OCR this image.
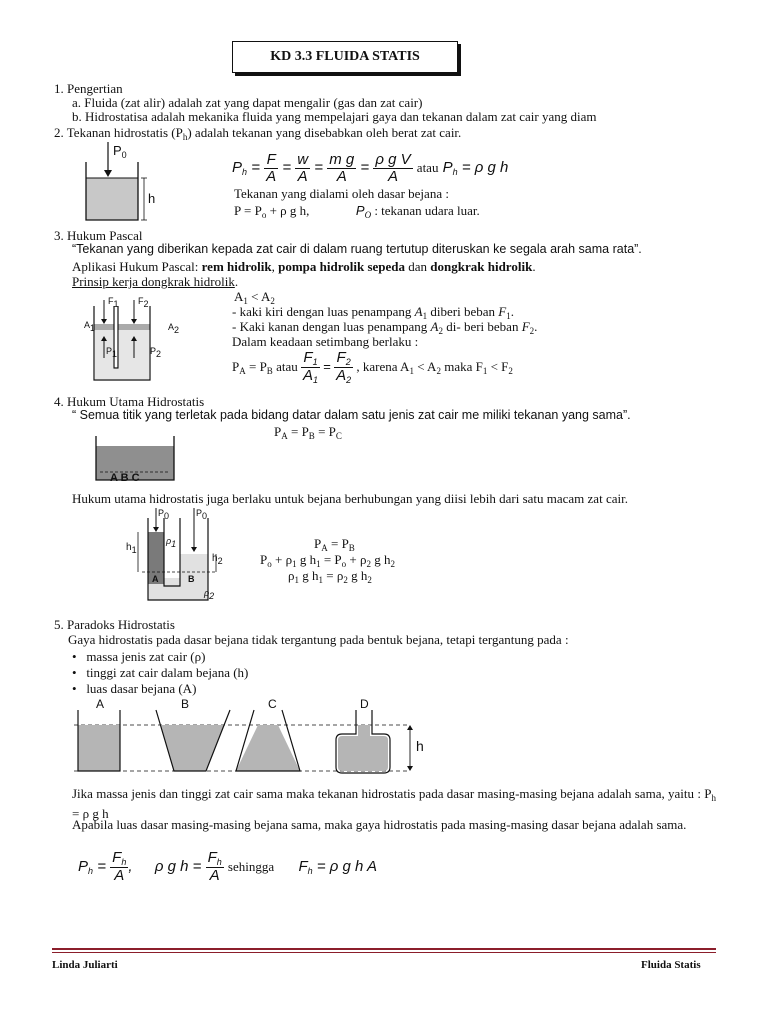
KD 3.3 FLUIDA STATIS
1. Pengertian
a. Fluida (zat alir) adalah zat yang dapat mengalir (gas dan zat cair)
b. Hidrostatisa adalah mekanika fluida yang mempelajari gaya dan tekanan dalam zat cair yang diam
2. Tekanan hidrostatis $(P_h)$ adalah tekanan yang disebabkan oleh berat zat cair.
$P_0$
h
$P_h = \frac{F}{A} = \frac{w}{A} = \frac{\text{m g}}{A} = \frac{\text{ρ g V}}{A}$ atau $P_h = \rho$ g h
Tekanan yang dialami oleh dasar bejana :
$P = P_o + \rho$ g h,	$P_O$ : tekanan udara luar.
3. Hukum Pascal
“Tekanan yang diberikan kepada zat cair di dalam ruang tertutup diteruskan ke segala arah sama rata”.
Aplikasi Hukum Pascal: rem hidrolik, pompa hidrolik sepeda dan dongkrak hidrolik.
Prinsip kerja dongkrak hidrolik.
F1 F2
A1	A2
P1	P2
$A_1 < A_2$
- kaki kiri dengan luas penampang $A_1$ diberi beban $F_1$.
- Kaki kanan dengan luas penampang $A_2$ di- beri beban $F_2$.
Dalam keadaan setimbang berlaku :
$P_A = P_B$ atau $\frac{F_1}{A_1} = \frac{F_2}{A_2}$ , karena $A_1 < A_2$ maka $F_1 < F_2$
4. Hukum Utama Hidrostatis
“ Semua titik yang terletak pada bidang datar dalam satu jenis zat cair me miliki tekanan yang sama”.
$P_A = P_B = P_C$
A B C
Hukum utama hidrostatis juga berlaku untuk bejana berhubungan yang diisi lebih dari satu macam zat cair.
P0	P0
h1
h2
ρ1
ρ2
A	B
$P_A = P_B$
$P_o + \rho_1$ g $h_1 = P_o + \rho_2$ g $h_2$
$\rho_1$ g $h_1 = \rho_2$ g $h_2$
5. Paradoks Hidrostatis
Gaya hidrostatis pada dasar bejana tidak tergantung pada bentuk bejana, tetapi tergantung pada :
•   massa jenis zat cair (ρ)
•   tinggi zat cair dalam bejana (h)
•   luas dasar bejana (A)
A	B	C	D
h
Jika massa jenis dan tinggi zat cair sama maka tekanan hidrostatis pada dasar masing-masing bejana adalah sama, yaitu : $P_h = \rho$ g h
Apabila luas dasar masing-masing bejana sama, maka gaya hidrostatis pada masing-masing dasar bejana adalah sama.
$P_h = \frac{F_h}{A}$ ,  ρ g $h = \frac{F_h}{A}$ sehingga $F_h = \rho$ g h A
Linda Juliarti	Fluida Statis
